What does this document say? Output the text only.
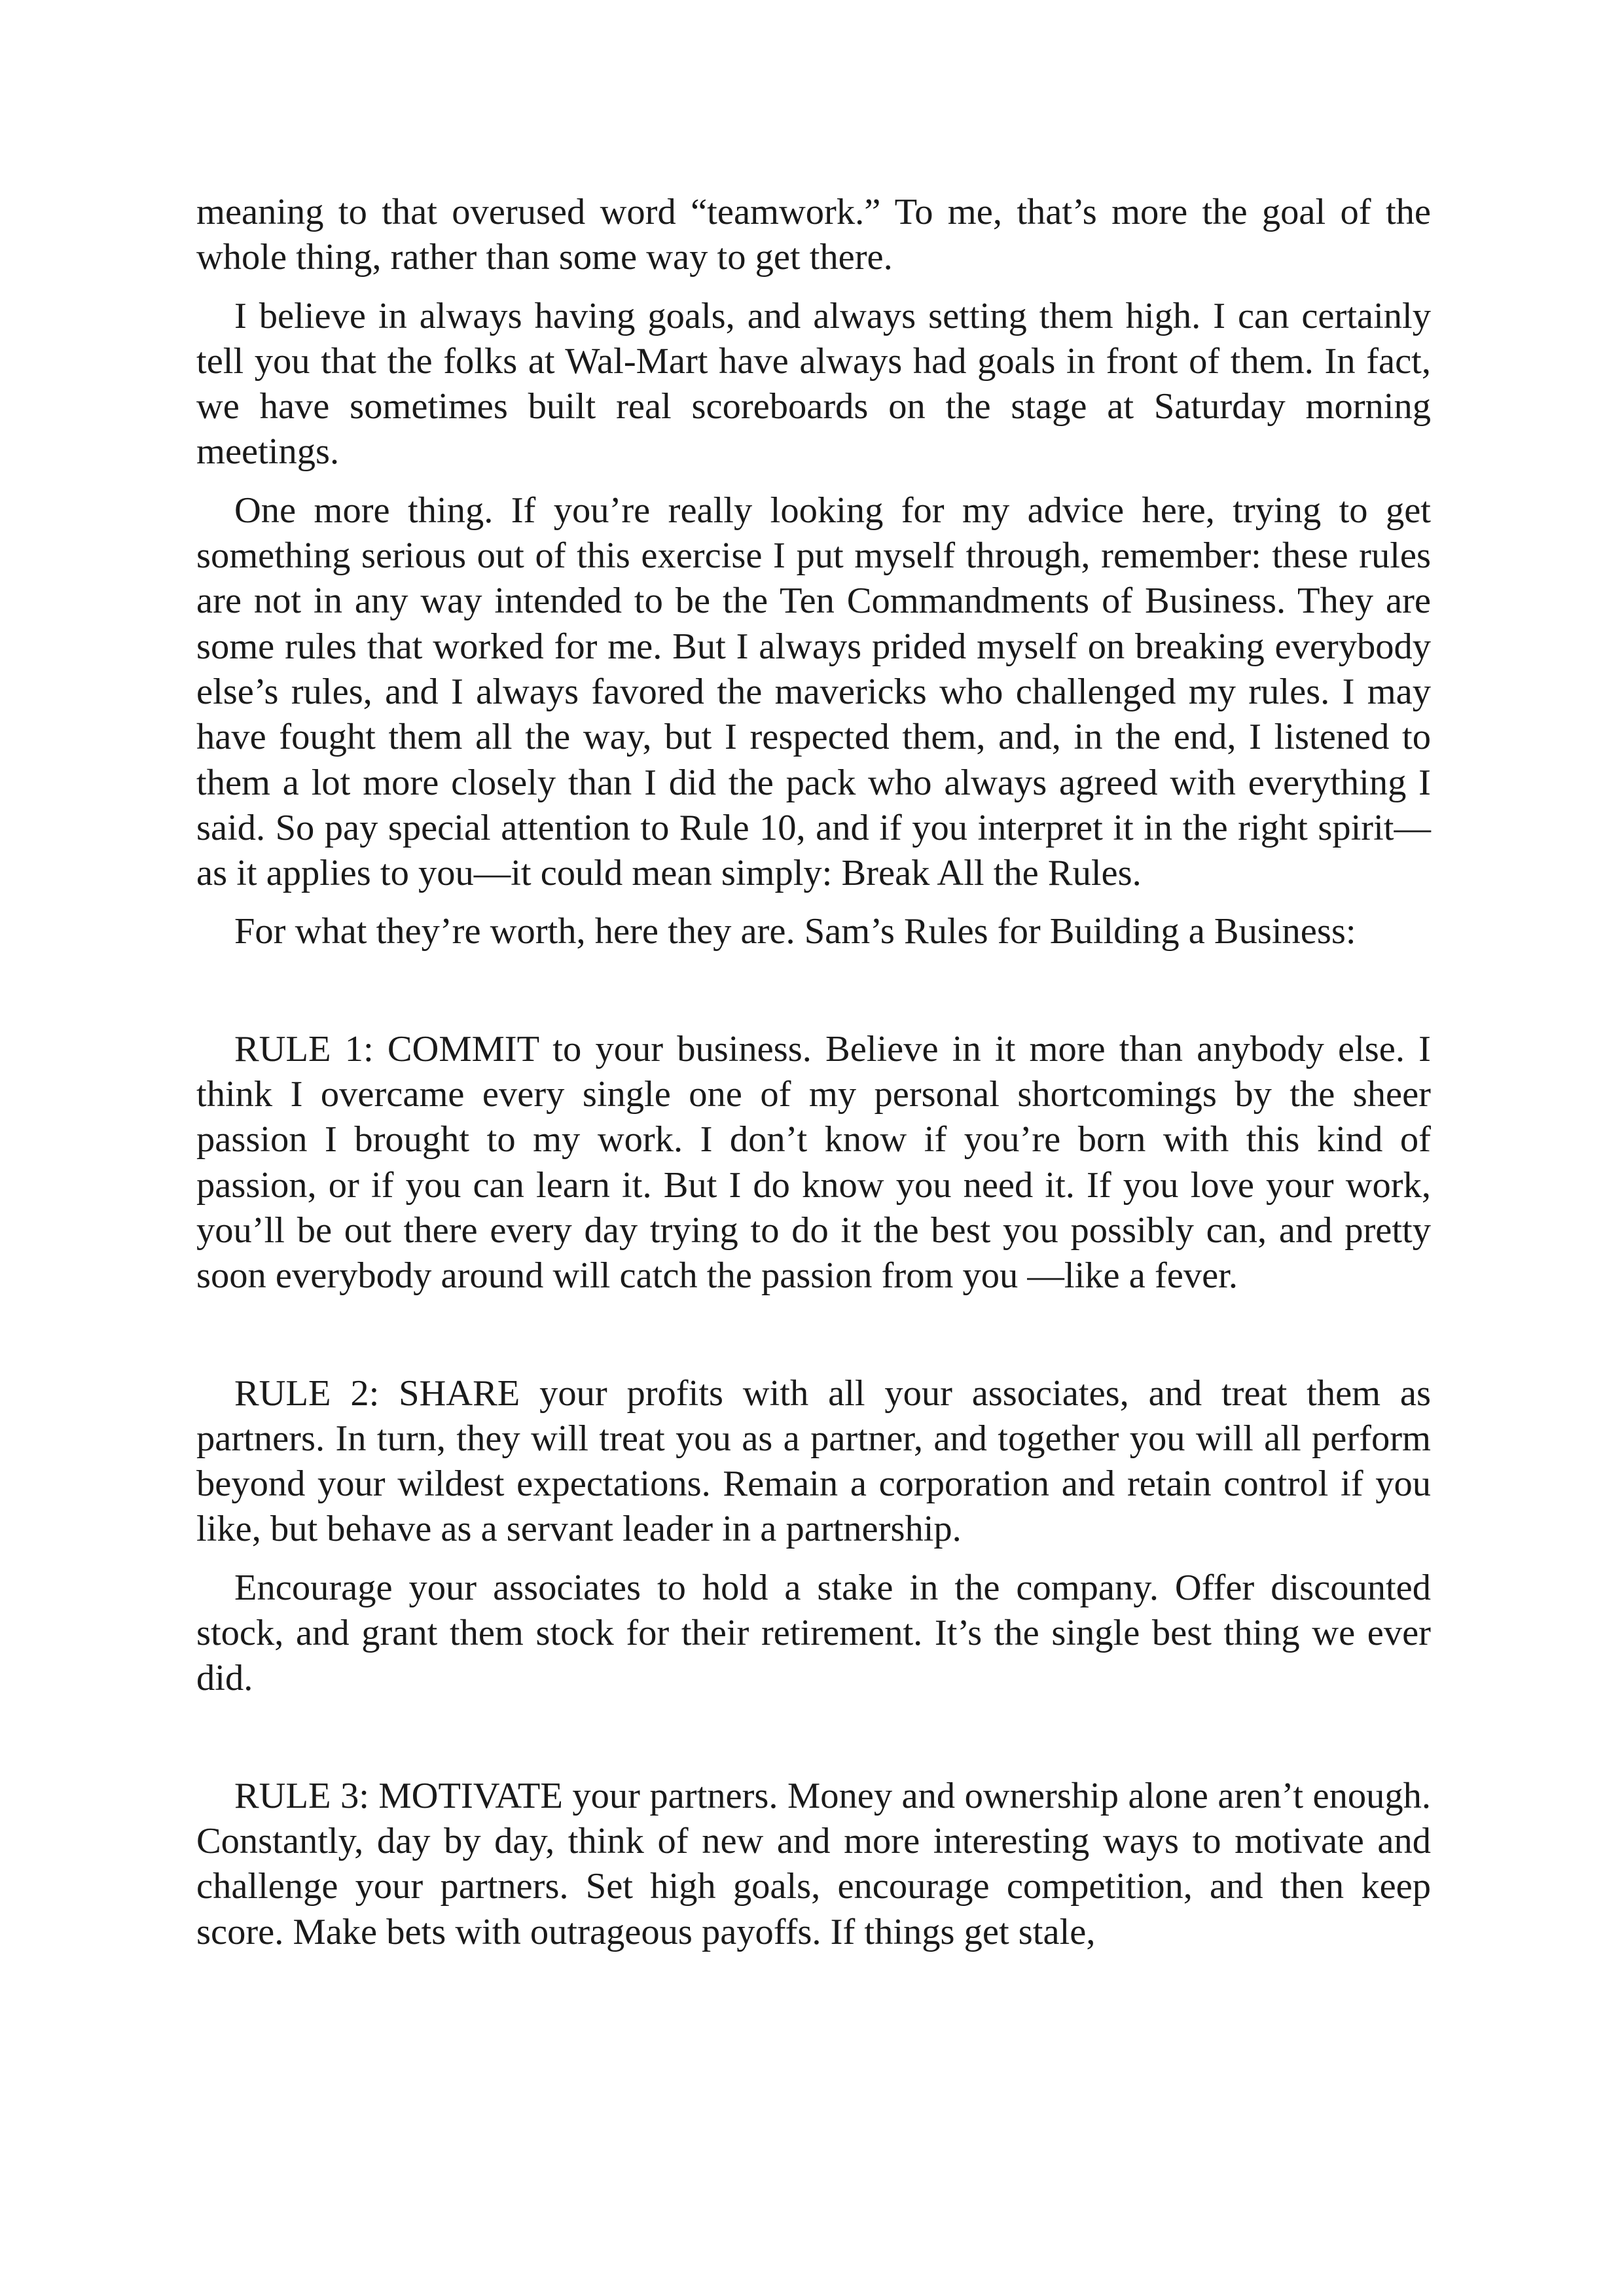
meaning to that overused word “teamwork.” To me, that’s more the goal of the whole thing, rather than some way to get there.

I believe in always having goals, and always setting them high. I can certainly tell you that the folks at Wal-Mart have always had goals in front of them. In fact, we have sometimes built real scoreboards on the stage at Saturday morning meetings.

One more thing. If you’re really looking for my advice here, trying to get something serious out of this exercise I put myself through, remember: these rules are not in any way intended to be the Ten Commandments of Business. They are some rules that worked for me. But I always prided myself on breaking everybody else’s rules, and I always favored the mavericks who challenged my rules. I may have fought them all the way, but I respected them, and, in the end, I listened to them a lot more closely than I did the pack who always agreed with everything I said. So pay special attention to Rule 10, and if you interpret it in the right spirit—as it applies to you—it could mean simply: Break All the Rules.

For what they’re worth, here they are. Sam’s Rules for Building a Business:

RULE 1: COMMIT to your business. Believe in it more than anybody else. I think I overcame every single one of my personal shortcomings by the sheer passion I brought to my work. I don’t know if you’re born with this kind of passion, or if you can learn it. But I do know you need it. If you love your work, you’ll be out there every day trying to do it the best you possibly can, and pretty soon everybody around will catch the passion from you —like a fever.

RULE 2: SHARE your profits with all your associates, and treat them as partners. In turn, they will treat you as a partner, and together you will all perform beyond your wildest expectations. Remain a corporation and retain control if you like, but behave as a servant leader in a partnership.

Encourage your associates to hold a stake in the company. Offer discounted stock, and grant them stock for their retirement. It’s the single best thing we ever did.

RULE 3: MOTIVATE your partners. Money and ownership alone aren’t enough. Constantly, day by day, think of new and more interesting ways to motivate and challenge your partners. Set high goals, encourage competition, and then keep score. Make bets with outrageous payoffs. If things get stale,
